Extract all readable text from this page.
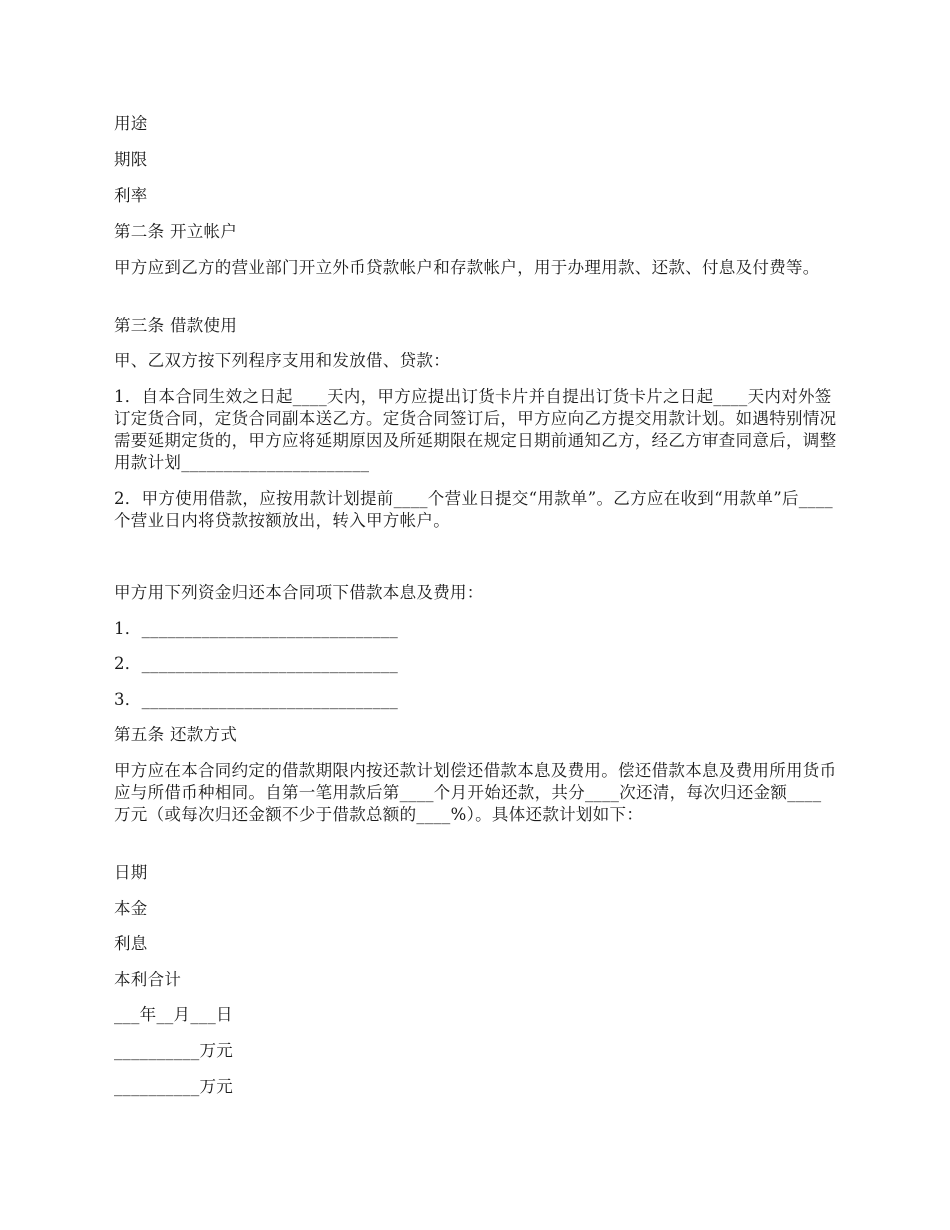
用途

期限

利率

第二条 开立帐户

甲方应到乙方的营业部门开立外币贷款帐户和存款帐户，用于办理用款、还款、付息及付费等。

第三条 借款使用

甲、乙双方按下列程序支用和发放借、贷款：

1．自本合同生效之日起____天内，甲方应提出订货卡片并自提出订货卡片之日起____天内对外签订定货合同，定货合同副本送乙方。定货合同签订后，甲方应向乙方提交用款计划。如遇特别情况需要延期定货的，甲方应将延期原因及所延期限在规定日期前通知乙方，经乙方审查同意后，调整用款计划______________________

2．甲方使用借款，应按用款计划提前____个营业日提交“用款单”。乙方应在收到“用款单”后____个营业日内将贷款按额放出，转入甲方帐户。

甲方用下列资金归还本合同项下借款本息及费用：

1．______________________________

2．______________________________

3．______________________________

第五条 还款方式

甲方应在本合同约定的借款期限内按还款计划偿还借款本息及费用。偿还借款本息及费用所用货币应与所借币种相同。自第一笔用款后第____个月开始还款，共分____次还清，每次归还金额____万元（或每次归还金额不少于借款总额的____%）。具体还款计划如下：

日期

本金

利息

本利合计

___年__月___日

__________万元

__________万元
